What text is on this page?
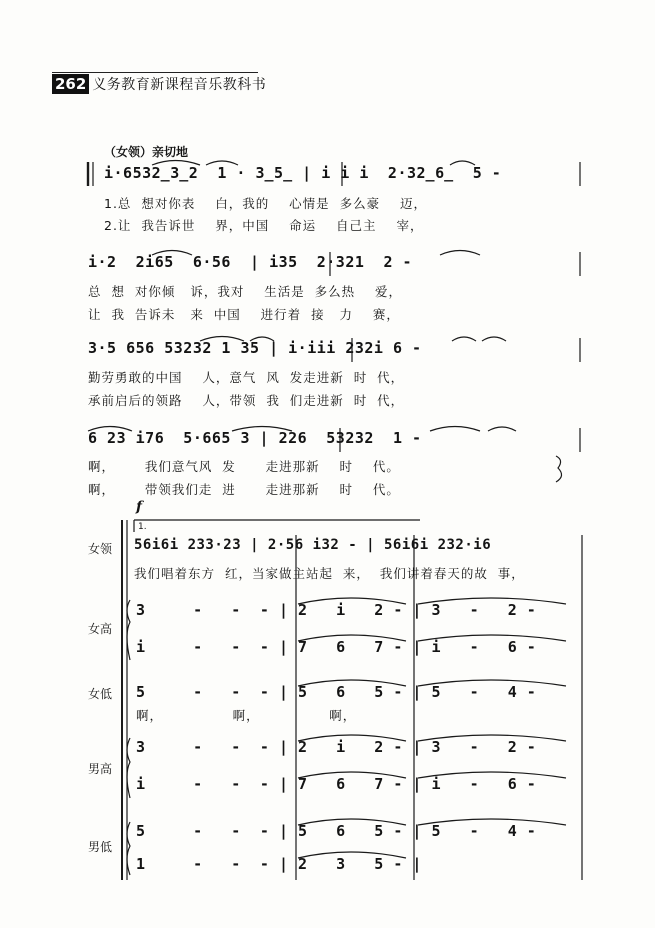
262 义务教育新课程音乐教科书
（女领）亲切地
i·6532̲3̲2  1 · 3̲5̲ | i i i  2·32̲6̲  5 -
1.总  想对你表    白，我的    心情是  多么豪    迈，
2.让  我告诉世    界，中国    命运    自己主    宰，
i·2  2i65  6·56  | i35  2·321  2 -
总  想  对你倾   诉，我对    生活是  多么热    爱，
让  我  告诉未   来  中国    进行着  接   力    赛，
3·5 656 53232 1 35 | i·iii 232i 6 -
勤劳勇敢的中国    人，意气  风  发走进新  时  代，
承前启后的领路    人，带领  我  们走进新  时  代，
6 23 i76  5·665 3 | 226  53232  1 -
啊，      我们意气风  发      走进那新    时    代。
啊，      带领我们走  进      走进那新    时    代。
f
1.
女领 56i6i 233·23 | 2·56 i32 - | 56i6i 232·i6
我们唱着东方  红，当家做主站起  来，  我们讲着春天的故  事，
女高
3     -   -  - | 2   i   2 - | 3   -   2 -
i     -   -  - | 7   6   7 - | i   -   6 -
女低 5     -   -  - | 5   6   5 - | 5   -   4 -
啊，              啊，              啊，
男高
3     -   -  - | 2   i   2 - | 3   -   2 -
i     -   -  - | 7   6   7 - | i   -   6 -
男低
5     -   -  - | 5   6   5 - | 5   -   4 -
1     -   -  - | 2   3   5 - |
